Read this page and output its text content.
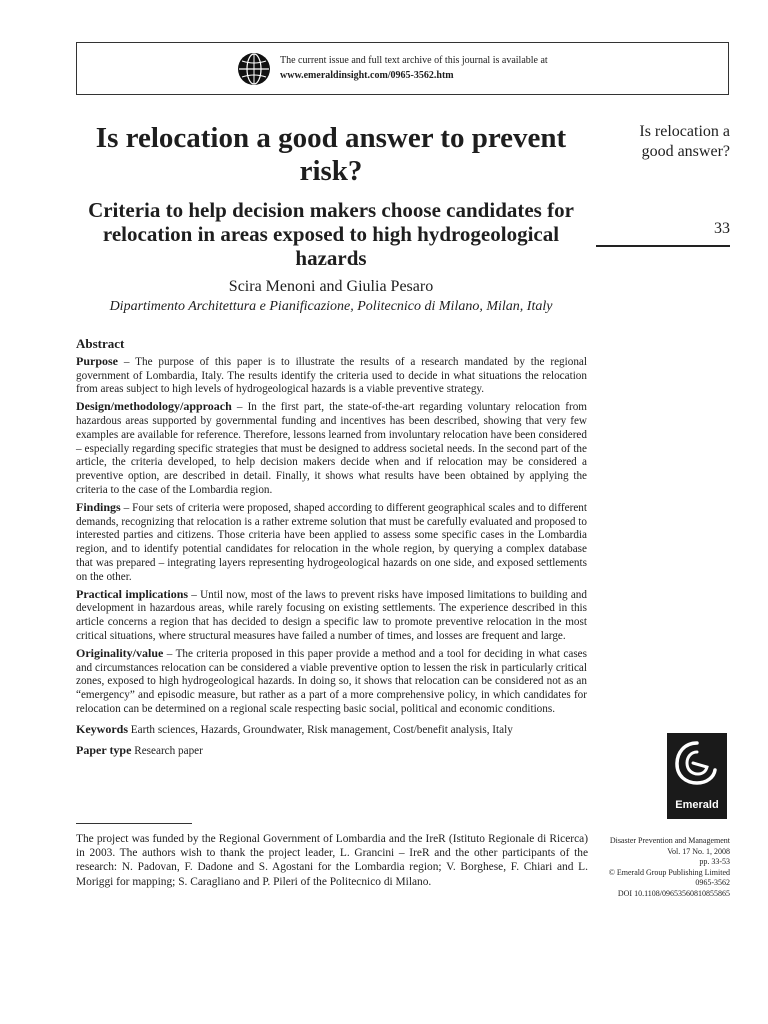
The current issue and full text archive of this journal is available at
www.emeraldinsight.com/0965-3562.htm
Is relocation a good answer to prevent risk?
Criteria to help decision makers choose candidates for relocation in areas exposed to high hydrogeological hazards
Scira Menoni and Giulia Pesaro
Dipartimento Architettura e Pianificazione, Politecnico di Milano, Milan, Italy
Is relocation a
good answer?
33
Abstract

Purpose – The purpose of this paper is to illustrate the results of a research mandated by the regional government of Lombardia, Italy. The results identify the criteria used to decide in what situations the relocation from areas subject to high levels of hydrogeological hazards is a viable preventive strategy.

Design/methodology/approach – In the first part, the state-of-the-art regarding voluntary relocation from hazardous areas supported by governmental funding and incentives has been described, showing that very few examples are available for reference. Therefore, lessons learned from involuntary relocation have been considered – especially regarding specific strategies that must be designed to address societal needs. In the second part of the article, the criteria developed, to help decision makers decide when and if relocation may be considered a preventive option, are described in detail. Finally, it shows what results have been obtained by applying the criteria to the case of the Lombardia region.

Findings – Four sets of criteria were proposed, shaped according to different geographical scales and to different demands, recognizing that relocation is a rather extreme solution that must be carefully evaluated and proposed to interested parties and citizens. Those criteria have been applied to assess some specific cases in the Lombardia region, and to identify potential candidates for relocation in the whole region, by querying a complex database that was prepared – integrating layers representing hydrogeological hazards on one side, and exposed settlements on the other.

Practical implications – Until now, most of the laws to prevent risks have imposed limitations to building and development in hazardous areas, while rarely focusing on existing settlements. The experience described in this article concerns a region that has decided to design a specific law to promote preventive relocation in the most critical situations, where structural measures have failed a number of times, and losses are frequent and large.

Originality/value – The criteria proposed in this paper provide a method and a tool for deciding in what cases and circumstances relocation can be considered a viable preventive option to lessen the risk in particularly critical zones, exposed to high hydrogeological hazards. In doing so, it shows that relocation can be considered not as an “emergency” and episodic measure, but rather as a part of a more comprehensive policy, in which candidates for relocation can be determined on a regional scale respecting basic social, political and economic conditions.

Keywords Earth sciences, Hazards, Groundwater, Risk management, Cost/benefit analysis, Italy

Paper type Research paper

Emerald

The project was funded by the Regional Government of Lombardia and the IreR (Istituto Regionale di Ricerca) in 2003. The authors wish to thank the project leader, L. Grancini – IreR and the other participants of the research: N. Padovan, F. Dadone and S. Agostani for the Lombardia region; V. Borghese, F. Chiari and L. Moriggi for mapping; S. Caragliano and P. Pileri of the Politecnico di Milano.

Disaster Prevention and Management
Vol. 17 No. 1, 2008
pp. 33-53
© Emerald Group Publishing Limited
0965-3562
DOI 10.1108/09653560810855865
